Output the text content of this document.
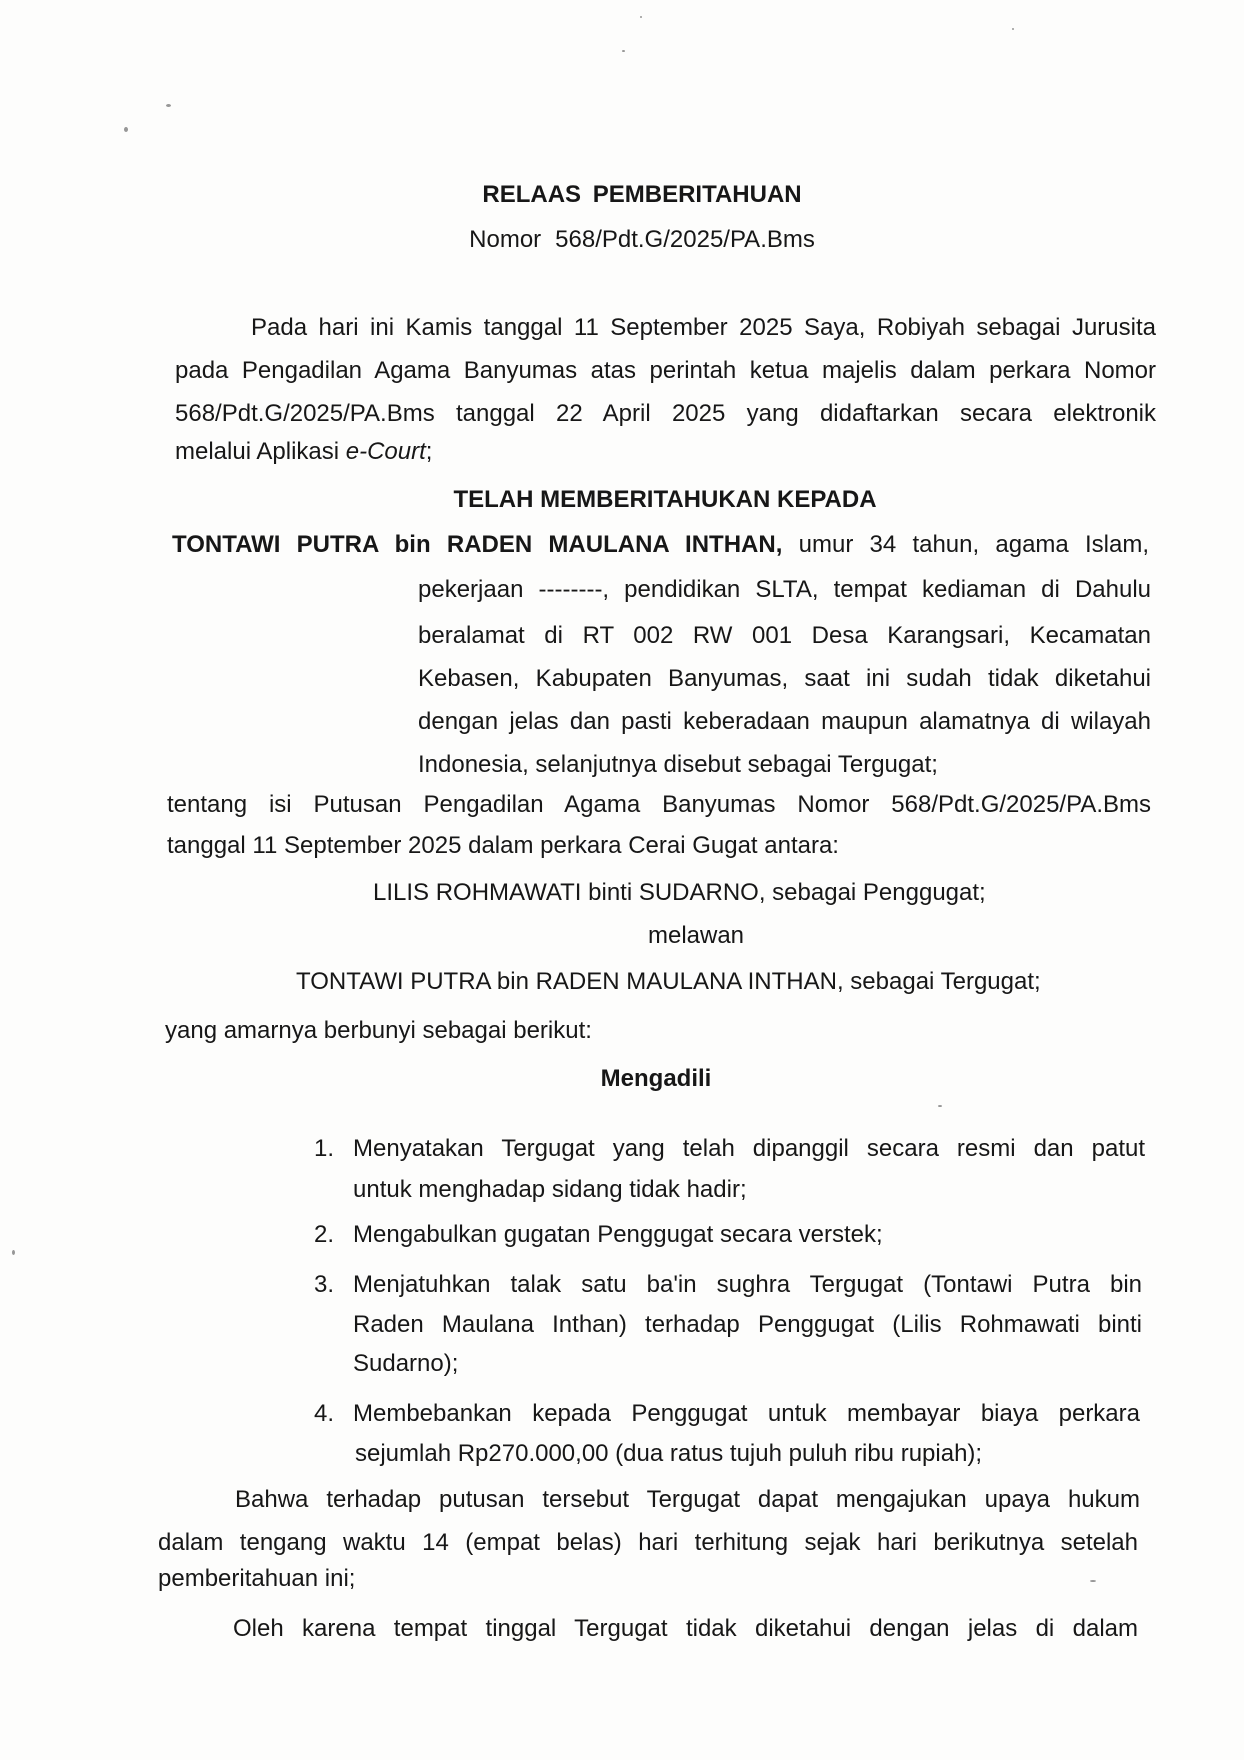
RELAAS PEMBERITAHUAN
Nomor 568/Pdt.G/2025/PA.Bms
Pada hari ini Kamis tanggal 11 September 2025 Saya, Robiyah sebagai Jurusita
pada Pengadilan Agama Banyumas atas perintah ketua majelis dalam perkara Nomor
568/Pdt.G/2025/PA.Bms tanggal 22 April 2025 yang didaftarkan secara elektronik
melalui Aplikasi e-Court;
TELAH MEMBERITAHUKAN KEPADA
TONTAWI PUTRA bin RADEN MAULANA INTHAN, umur 34 tahun, agama Islam,
pekerjaan --------, pendidikan SLTA, tempat kediaman di Dahulu
beralamat di RT 002 RW 001 Desa Karangsari, Kecamatan
Kebasen, Kabupaten Banyumas, saat ini sudah tidak diketahui
dengan jelas dan pasti keberadaan maupun alamatnya di wilayah
Indonesia, selanjutnya disebut sebagai Tergugat;
tentang isi Putusan Pengadilan Agama Banyumas Nomor 568/Pdt.G/2025/PA.Bms
tanggal 11 September 2025 dalam perkara Cerai Gugat antara:
LILIS ROHMAWATI binti SUDARNO, sebagai Penggugat;
melawan
TONTAWI PUTRA bin RADEN MAULANA INTHAN, sebagai Tergugat;
yang amarnya berbunyi sebagai berikut:
Mengadili
1. Menyatakan Tergugat yang telah dipanggil secara resmi dan patut
untuk menghadap sidang tidak hadir;
2. Mengabulkan gugatan Penggugat secara verstek;
3. Menjatuhkan talak satu ba'in sughra Tergugat (Tontawi Putra bin
Raden Maulana Inthan) terhadap Penggugat (Lilis Rohmawati binti
Sudarno);
4. Membebankan kepada Penggugat untuk membayar biaya perkara
sejumlah Rp270.000,00 (dua ratus tujuh puluh ribu rupiah);
Bahwa terhadap putusan tersebut Tergugat dapat mengajukan upaya hukum
dalam tengang waktu 14 (empat belas) hari terhitung sejak hari berikutnya setelah
pemberitahuan ini;
Oleh karena tempat tinggal Tergugat tidak diketahui dengan jelas di dalam
